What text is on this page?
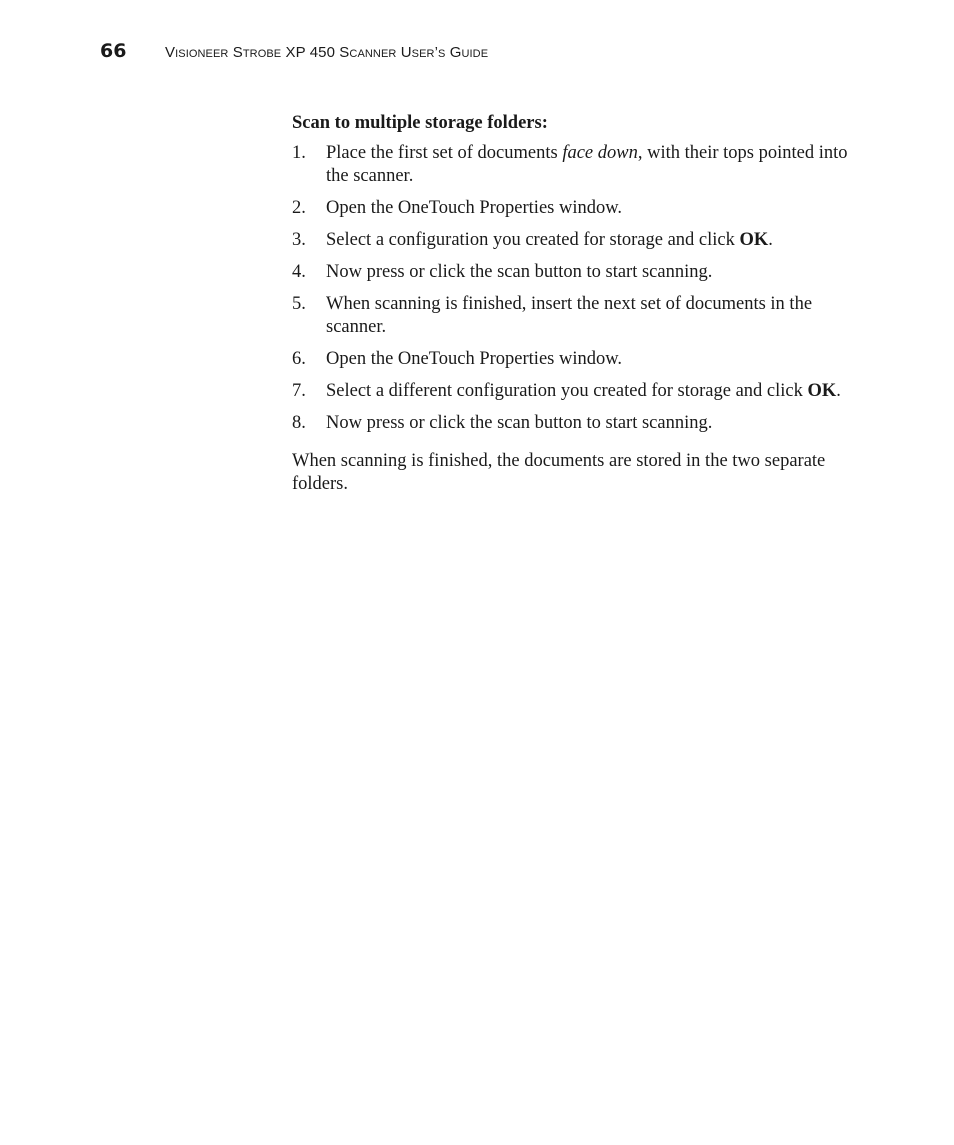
66	Visioneer Strobe XP 450 Scanner User’s Guide

Scan to multiple storage folders:

1.	Place the first set of documents face down, with their tops pointed into the scanner.
2.	Open the OneTouch Properties window.
3.	Select a configuration you created for storage and click OK.
4.	Now press or click the scan button to start scanning.
5.	When scanning is finished, insert the next set of documents in the scanner.
6.	Open the OneTouch Properties window.
7.	Select a different configuration you created for storage and click OK.
8.	Now press or click the scan button to start scanning.

When scanning is finished, the documents are stored in the two separate folders.
